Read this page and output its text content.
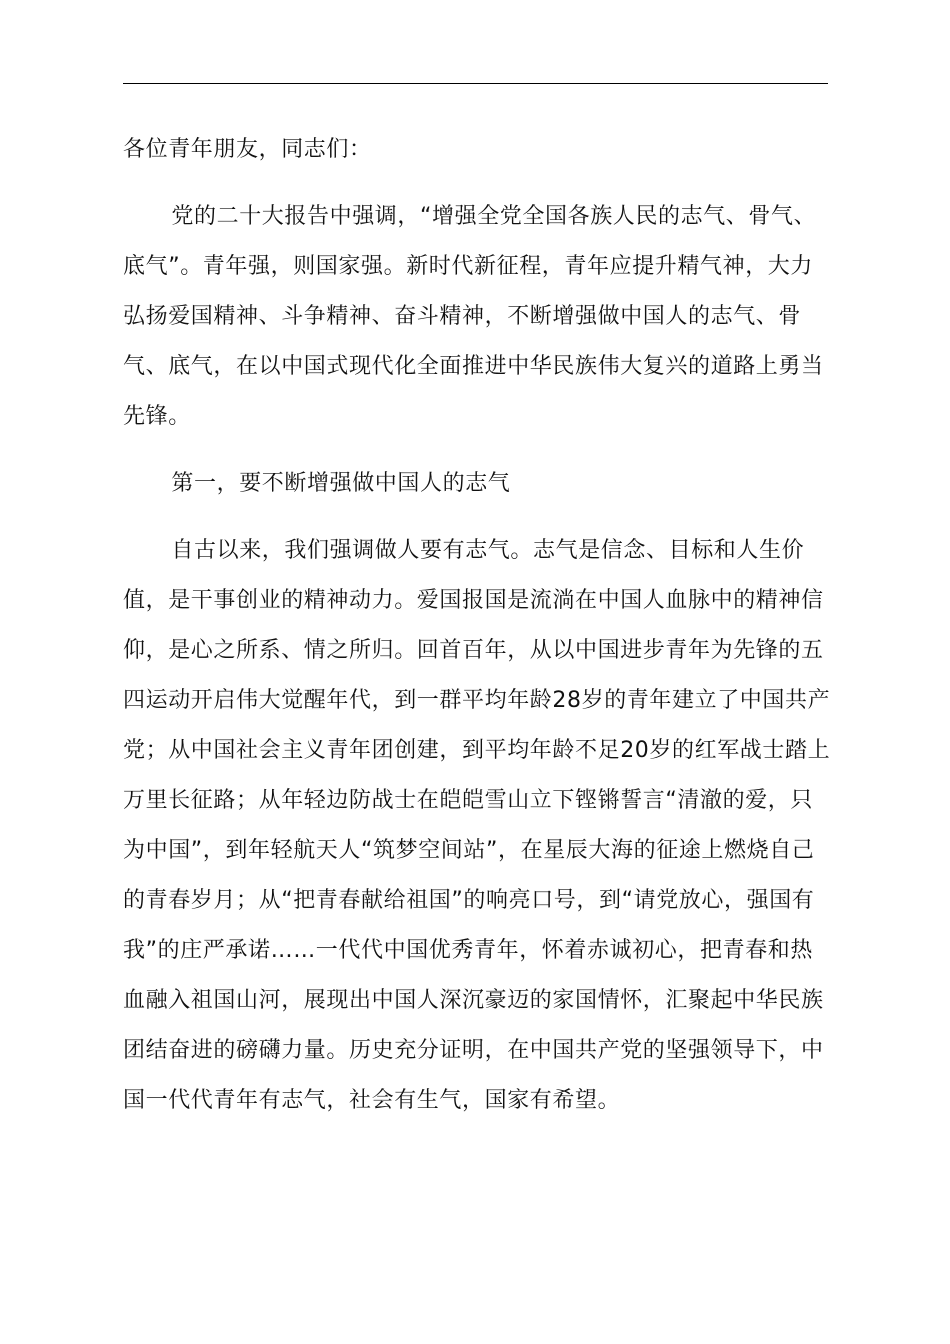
各位青年朋友，同志们：

党的二十大报告中强调，“增强全党全国各族人民的志气、骨气、底气”。青年强，则国家强。新时代新征程，青年应提升精气神，大力弘扬爱国精神、斗争精神、奋斗精神，不断增强做中国人的志气、骨气、底气，在以中国式现代化全面推进中华民族伟大复兴的道路上勇当先锋。

第一，要不断增强做中国人的志气

自古以来，我们强调做人要有志气。志气是信念、目标和人生价值，是干事创业的精神动力。爱国报国是流淌在中国人血脉中的精神信仰，是心之所系、情之所归。回首百年，从以中国进步青年为先锋的五四运动开启伟大觉醒年代，到一群平均年龄28岁的青年建立了中国共产党；从中国社会主义青年团创建，到平均年龄不足20岁的红军战士踏上万里长征路；从年轻边防战士在皑皑雪山立下铿锵誓言“清澈的爱，只为中国”，到年轻航天人“筑梦空间站”，在星辰大海的征途上燃烧自己的青春岁月；从“把青春献给祖国”的响亮口号，到“请党放心，强国有我”的庄严承诺……一代代中国优秀青年，怀着赤诚初心，把青春和热血融入祖国山河，展现出中国人深沉豪迈的家国情怀，汇聚起中华民族团结奋进的磅礴力量。历史充分证明，在中国共产党的坚强领导下，中国一代代青年有志气，社会有生气，国家有希望。
